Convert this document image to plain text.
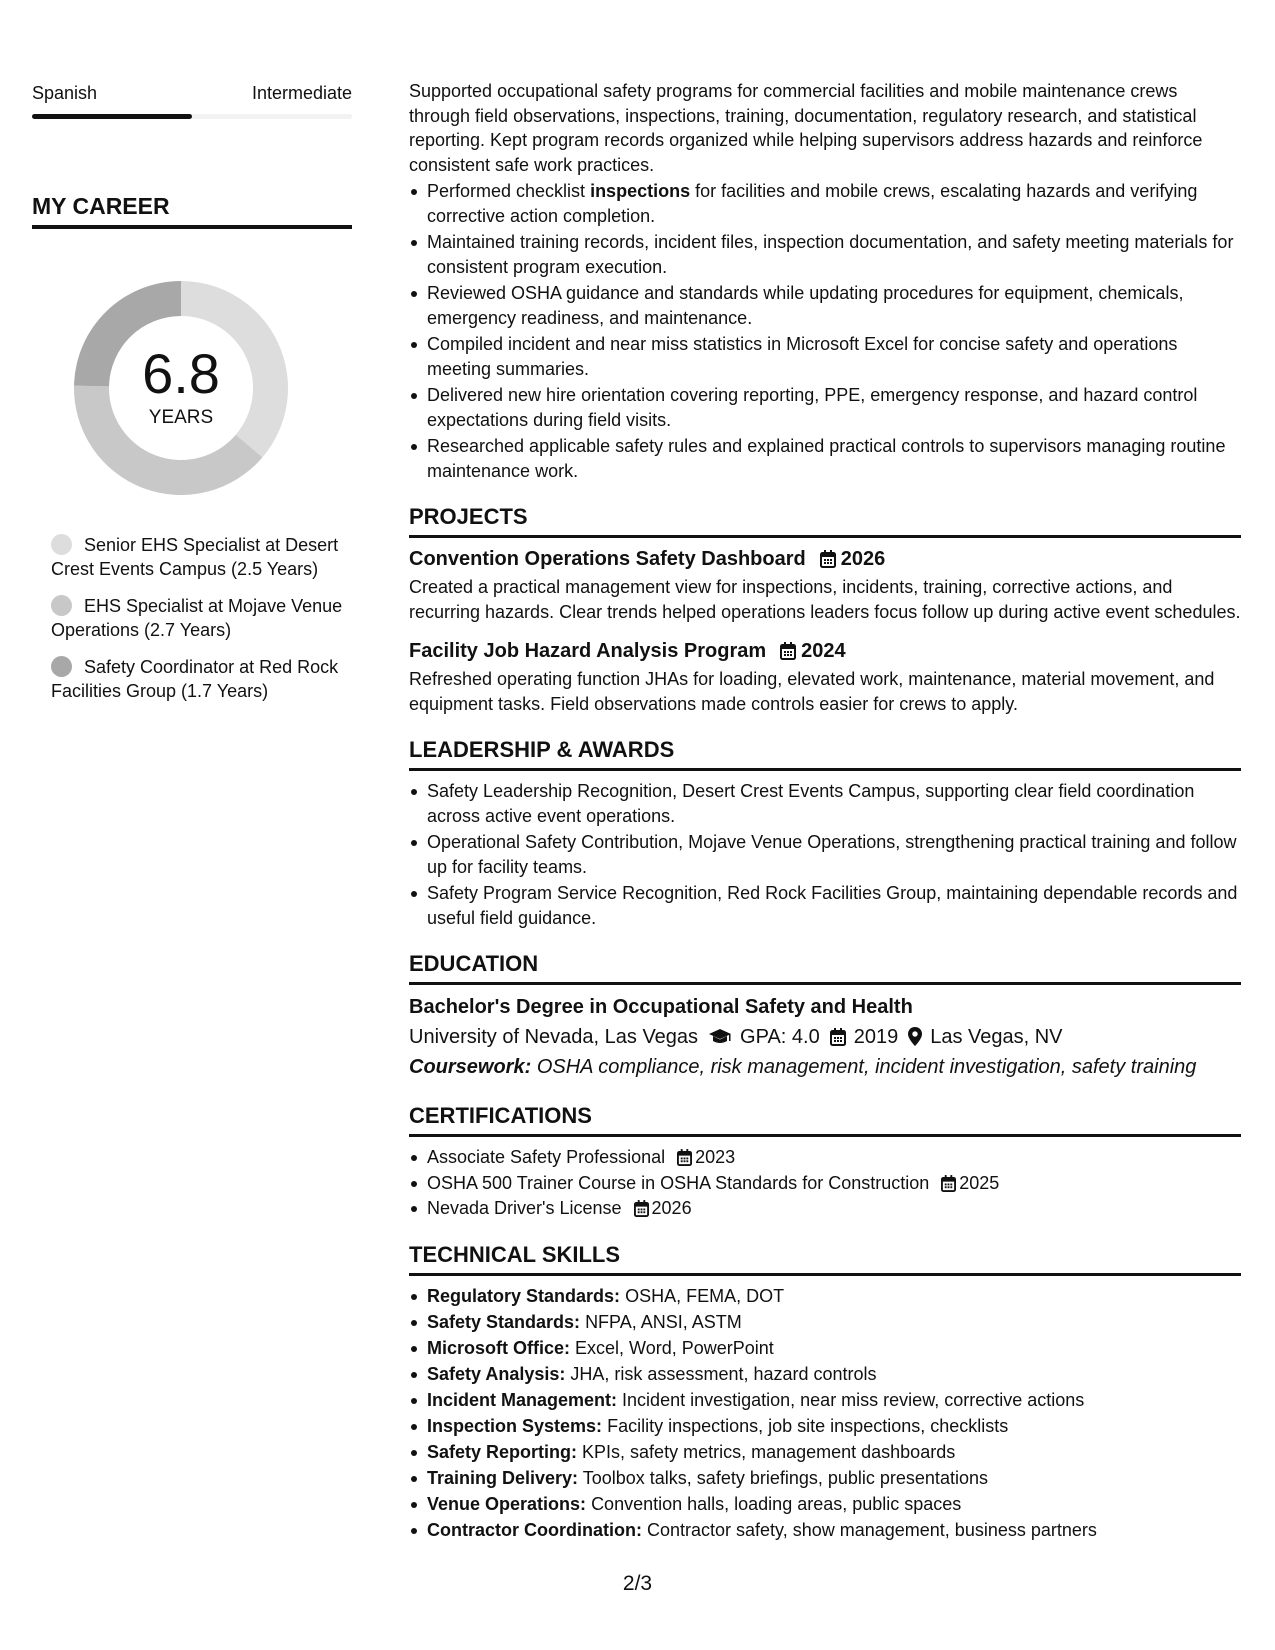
Spanish	Intermediate
MY CAREER
6.8
YEARS
Senior EHS Specialist at Desert Crest Events Campus (2.5 Years)
EHS Specialist at Mojave Venue Operations (2.7 Years)
Safety Coordinator at Red Rock Facilities Group (1.7 Years)

Supported occupational safety programs for commercial facilities and mobile maintenance crews through field observations, inspections, training, documentation, regulatory research, and statistical reporting. Kept program records organized while helping supervisors address hazards and reinforce consistent safe work practices.

Performed checklist inspections for facilities and mobile crews, escalating hazards and verifying corrective action completion.
Maintained training records, incident files, inspection documentation, and safety meeting materials for consistent program execution.
Reviewed OSHA guidance and standards while updating procedures for equipment, chemicals, emergency readiness, and maintenance.
Compiled incident and near miss statistics in Microsoft Excel for concise safety and operations meeting summaries.
Delivered new hire orientation covering reporting, PPE, emergency response, and hazard control expectations during field visits.
Researched applicable safety rules and explained practical controls to supervisors managing routine maintenance work.
PROJECTS
Convention Operations Safety Dashboard 2026

Created a practical management view for inspections, incidents, training, corrective actions, and recurring hazards. Clear trends helped operations leaders focus follow up during active event schedules.

Facility Job Hazard Analysis Program 2024

Refreshed operating function JHAs for loading, elevated work, maintenance, material movement, and equipment tasks. Field observations made controls easier for crews to apply.

LEADERSHIP & AWARDS
Safety Leadership Recognition, Desert Crest Events Campus, supporting clear field coordination across active event operations.
Operational Safety Contribution, Mojave Venue Operations, strengthening practical training and follow up for facility teams.
Safety Program Service Recognition, Red Rock Facilities Group, maintaining dependable records and useful field guidance.
EDUCATION
Bachelor's Degree in Occupational Safety and Health
University of Nevada, Las Vegas GPA: 4.0 2019 Las Vegas, NV
Coursework: OSHA compliance, risk management, incident investigation, safety training
CERTIFICATIONS
Associate Safety Professional 2023
OSHA 500 Trainer Course in OSHA Standards for Construction 2025
Nevada Driver's License 2026
TECHNICAL SKILLS
Regulatory Standards: OSHA, FEMA, DOT
Safety Standards: NFPA, ANSI, ASTM
Microsoft Office: Excel, Word, PowerPoint
Safety Analysis: JHA, risk assessment, hazard controls
Incident Management: Incident investigation, near miss review, corrective actions
Inspection Systems: Facility inspections, job site inspections, checklists
Safety Reporting: KPIs, safety metrics, management dashboards
Training Delivery: Toolbox talks, safety briefings, public presentations
Venue Operations: Convention halls, loading areas, public spaces
Contractor Coordination: Contractor safety, show management, business partners
2/3
